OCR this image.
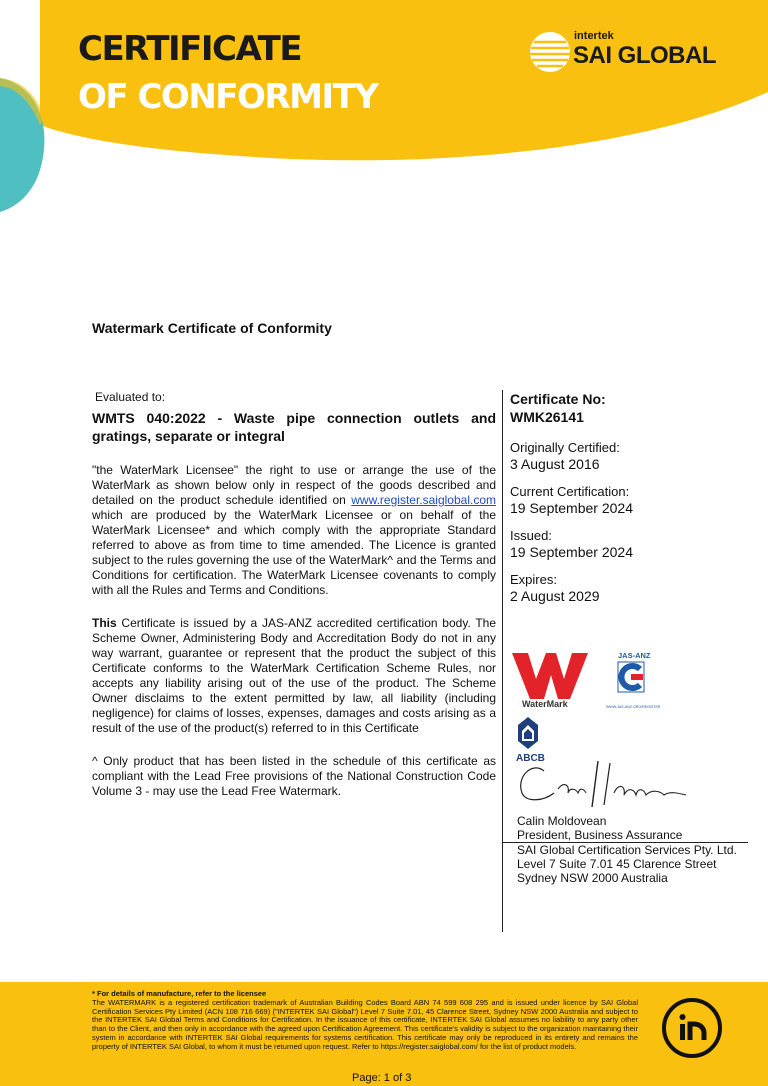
CERTIFICATE
OF CONFORMITY
intertek
SAI GLOBAL
Watermark Certificate of Conformity
Evaluated to:
WMTS 040:2022 - Waste pipe connection outlets and gratings, separate or integral
"the WaterMark Licensee" the right to use or arrange the use of the WaterMark as shown below only in respect of the goods described and detailed on the product schedule identified on www.register.saiglobal.com which are produced by the WaterMark Licensee or on behalf of the WaterMark Licensee* and which comply with the appropriate Standard referred to above as from time to time amended. The Licence is granted subject to the rules governing the use of the WaterMark^ and the Terms and Conditions for certification. The WaterMark Licensee covenants to comply with all the Rules and Terms and Conditions.
This Certificate is issued by a JAS-ANZ accredited certification body. The Scheme Owner, Administering Body and Accreditation Body do not in any way warrant, guarantee or represent that the product the subject of this Certificate conforms to the WaterMark Certification Scheme Rules, nor accepts any liability arising out of the use of the product. The Scheme Owner disclaims to the extent permitted by law, all liability (including negligence) for claims of losses, expenses, damages and costs arising as a result of the use of the product(s) referred to in this Certificate
^ Only product that has been listed in the schedule of this certificate as compliant with the Lead Free provisions of the National Construction Code Volume 3 - may use the Lead Free Watermark.
Certificate No:
WMK26141
Originally Certified:
3 August 2016
Current Certification:
19 September 2024
Issued:
19 September 2024
Expires:
2 August 2029
WaterMark
JAS-ANZ
WWW.JAS-ANZ.ORG/REGISTER
ABCB
Calin Moldovean
President, Business Assurance
SAI Global Certification Services Pty. Ltd.
Level 7 Suite 7.01 45 Clarence Street
Sydney NSW 2000 Australia
* For details of manufacture, refer to the licensee
The WATERMARK is a registered certification trademark of Australian Building Codes Board ABN 74 599 608 295 and is issued under licence by SAI Global Certification Services Pty Limited (ACN 108 716 669) ("INTERTEK SAI Global") Level 7 Suite 7.01, 45 Clarence Street, Sydney NSW 2000 Australia and subject to the INTERTEK SAI Global Terms and Conditions for Certification. In the issuance of this certificate, INTERTEK SAI Global assumes no liability to any party other than to the Client, and then only in accordance with the agreed upon Certification Agreement. This certificate's validity is subject to the organization maintaining their system in accordance with INTERTEK SAI Global requirements for systems certification. This certificate may only be reproduced in its entirety and remains the property of INTERTEK SAI Global, to whom it must be returned upon request. Refer to https://register.saiglobal.com/ for the list of product models.
Page: 1 of 3
